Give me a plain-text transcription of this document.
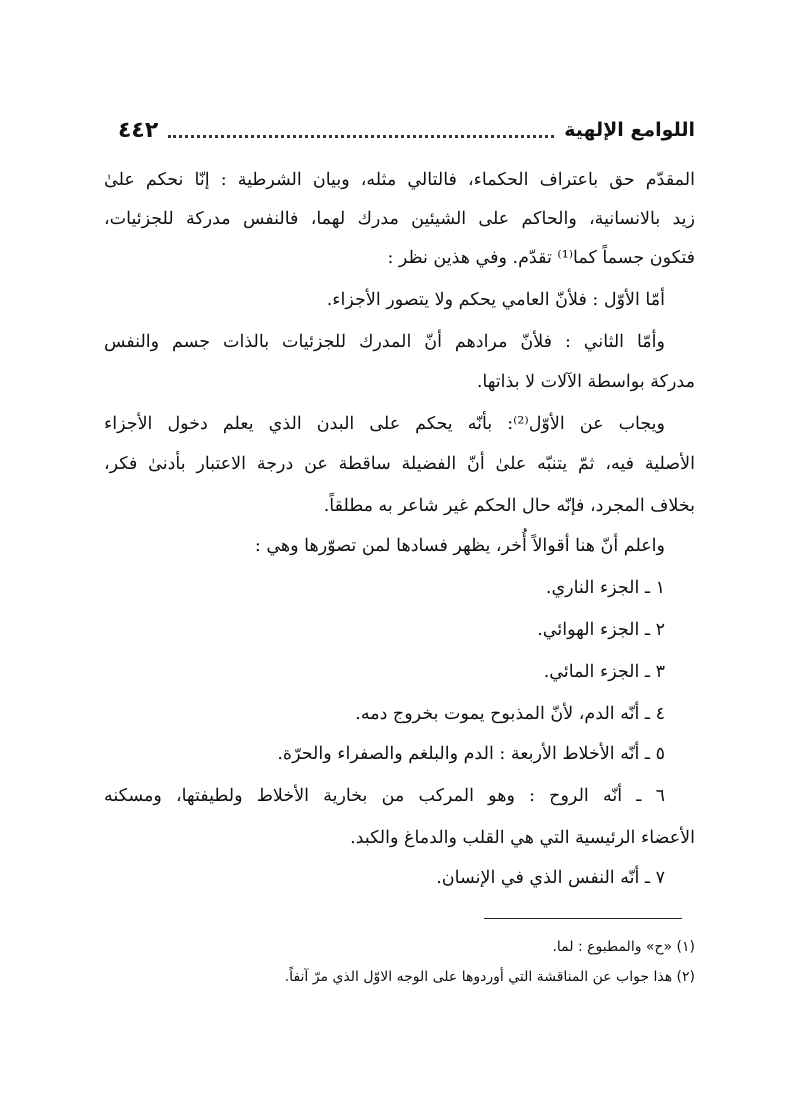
٤٤٢	اللوامع الإلهية
المقدّم حق باعتراف الحكماء، فالتالي مثله، وبيان الشرطية : إنّا نحكم علىٰ
زيد بالانسانية، والحاكم على الشيئين مدرك لهما، فالنفس مدركة للجزئيات،
فتكون جسماً كما⁽¹⁾ تقدّم. وفي هذين نظر :
أمّا الأوّل : فلأنّ العامي يحكم ولا يتصور الأجزاء.
وأمّا الثاني : فلأنّ مرادهم أنّ المدرك للجزئيات بالذات جسم والنفس
مدركة بواسطة الآلات لا بذاتها.
ويجاب عن الأوّل⁽²⁾: بأنّه يحكم على البدن الذي يعلم دخول الأجزاء
الأصلية فيه، ثمّ يتنبّه علىٰ أنّ الفضيلة ساقطة عن درجة الاعتبار بأدنىٰ فكر،
بخلاف المجرد، فإنّه حال الحكم غير شاعر به مطلقاً.
واعلم أنّ هنا أقوالاً أُخر، يظهر فسادها لمن تصوّرها وهي :
١ ـ الجزء الناري.
٢ ـ الجزء الهوائي.
٣ ـ الجزء المائي.
٤ ـ أنّه الدم، لأنّ المذبوح يموت بخروج دمه.
٥ ـ أنّه الأخلاط الأربعة : الدم والبلغم والصفراء والحرّة.
٦ ـ أنّه الروح : وهو المركب من بخارية الأخلاط ولطيفتها، ومسكنه
الأعضاء الرئيسية التي هي القلب والدماغ والكبد.
٧ ـ أنّه النفس الذي في الإنسان.
(١) «ح» والمطبوع : لما.
(٢) هذا جواب عن المناقشة التي أوردوها على الوجه الاوّل الذي مرّ آنفاً.
